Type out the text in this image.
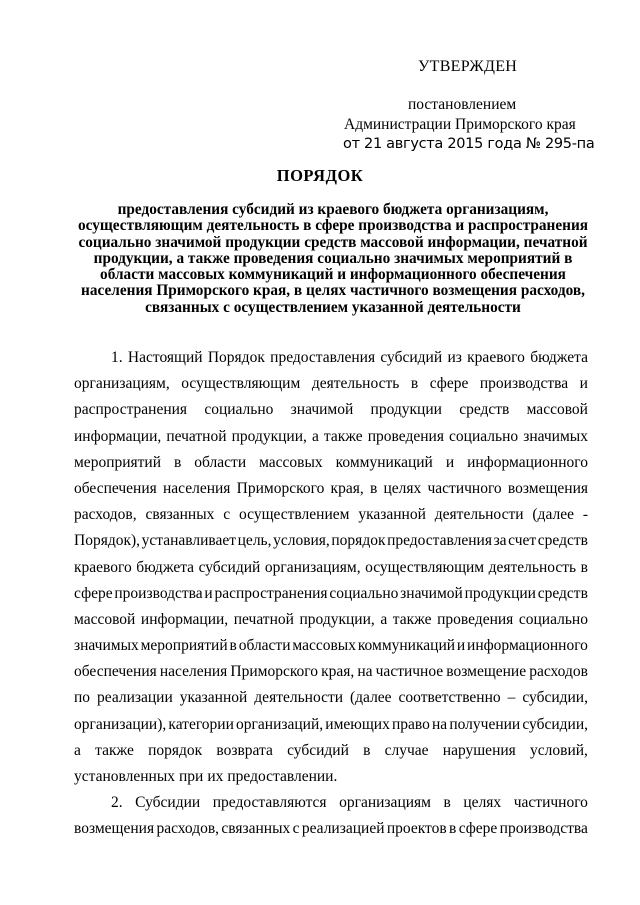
УТВЕРЖДЕН
постановлением
Администрации Приморского края
от 21 августа 2015 года № 295-па
ПОРЯДОК
предоставления субсидий из краевого бюджета организациям,
осуществляющим деятельность в сфере производства и распространения
социально значимой продукции средств массовой информации, печатной
продукции, а также проведения социально значимых мероприятий в
области массовых коммуникаций и информационного обеспечения
населения Приморского края, в целях частичного возмещения расходов,
связанных с осуществлением указанной деятельности
1. Настоящий Порядок предоставления субсидий из краевого бюджета
организациям, осуществляющим деятельность в сфере производства и
распространения социально значимой продукции средств массовой
информации, печатной продукции, а также проведения социально значимых
мероприятий в области массовых коммуникаций и информационного
обеспечения населения Приморского края, в целях частичного возмещения
расходов, связанных с осуществлением указанной деятельности (далее -
Порядок), устанавливает цель, условия, порядок предоставления за счет средств
краевого бюджета субсидий организациям, осуществляющим деятельность в
сфере производства и распространения социально значимой продукции средств
массовой информации, печатной продукции, а также проведения социально
значимых мероприятий в области массовых коммуникаций и информационного
обеспечения населения Приморского края, на частичное возмещение расходов
по реализации указанной деятельности (далее соответственно – субсидии,
организации), категории организаций, имеющих право на получении субсидии,
а также порядок возврата субсидий в случае нарушения условий,
установленных при их предоставлении.
2. Субсидии предоставляются организациям в целях частичного
возмещения расходов, связанных с реализацией проектов в сфере производства
